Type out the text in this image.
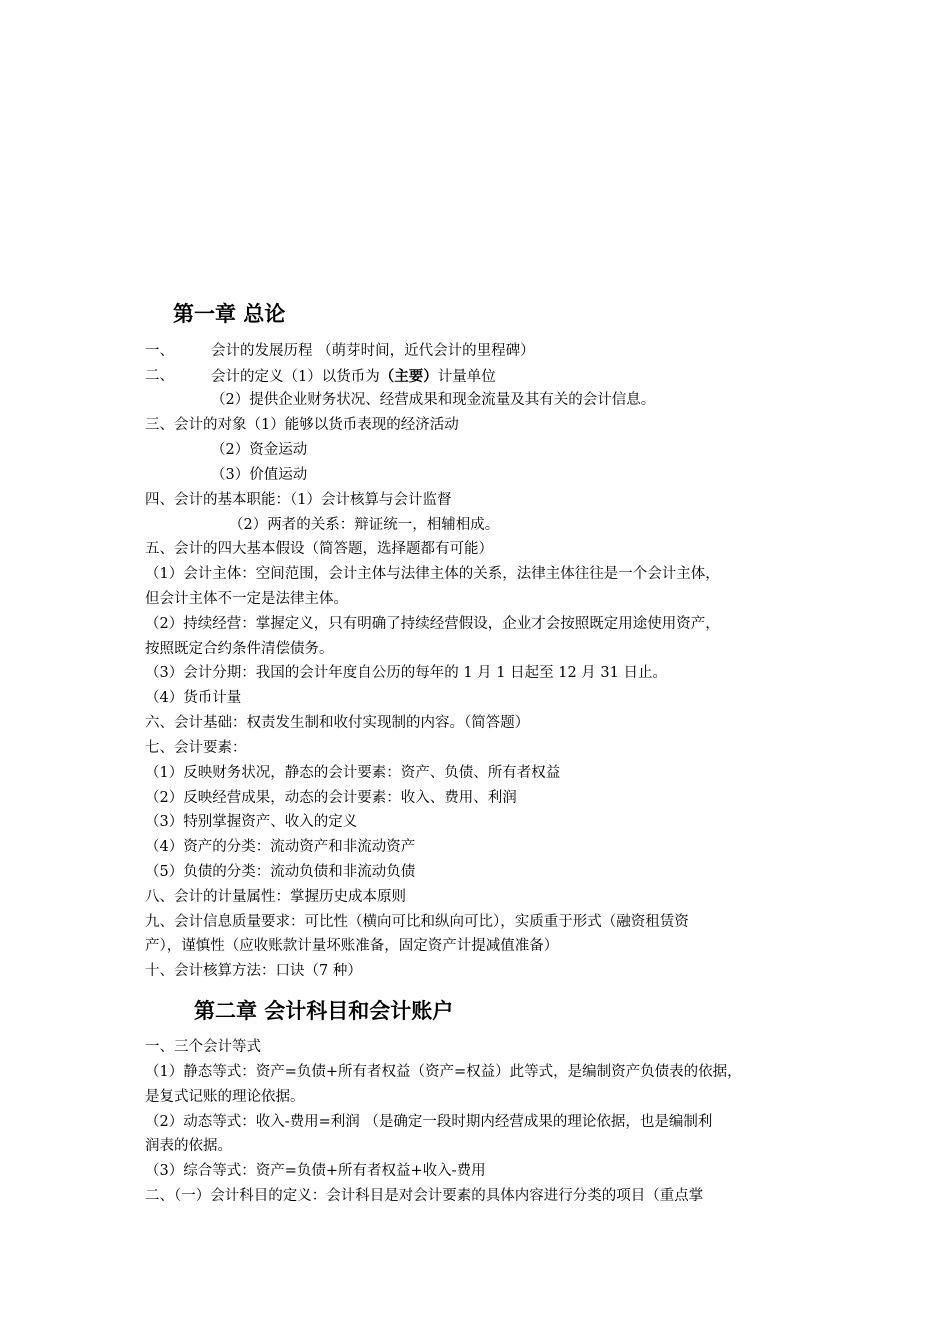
第一章 总论

一、	会计的发展历程 （萌芽时间，近代会计的里程碑）

二、	会计的定义（1）以货币为（主要）计量单位

（2）提供企业财务状况、经营成果和现金流量及其有关的会计信息。

三、会计的对象（1）能够以货币表现的经济活动

（2）资金运动

（3）价值运动

四、会计的基本职能：（1）会计核算与会计监督

（2）两者的关系：辩证统一，相辅相成。

五、会计的四大基本假设（简答题，选择题都有可能）

（1）会计主体：空间范围，会计主体与法律主体的关系，法律主体往往是一个会计主体，

但会计主体不一定是法律主体。

（2）持续经营：掌握定义，只有明确了持续经营假设，企业才会按照既定用途使用资产，

按照既定合约条件清偿债务。

（3）会计分期：我国的会计年度自公历的每年的 1 月 1 日起至 12 月 31 日止。

（4）货币计量

六、会计基础：权责发生制和收付实现制的内容。（简答题）

七、会计要素：

（1）反映财务状况，静态的会计要素：资产、负债、所有者权益

（2）反映经营成果，动态的会计要素：收入、费用、利润

（3）特别掌握资产、收入的定义

（4）资产的分类：流动资产和非流动资产

（5）负债的分类：流动负债和非流动负债

八、会计的计量属性：掌握历史成本原则

九、会计信息质量要求：可比性（横向可比和纵向可比），实质重于形式（融资租赁资

产），谨慎性（应收账款计量坏账准备，固定资产计提减值准备）

十、会计核算方法：口诀（7 种）

第二章 会计科目和会计账户

一、三个会计等式

（1）静态等式：资产=负债+所有者权益（资产=权益）此等式，是编制资产负债表的依据，

是复式记账的理论依据。

（2）动态等式：收入-费用=利润 （是确定一段时期内经营成果的理论依据，也是编制利

润表的依据。

（3）综合等式：资产=负债+所有者权益+收入-费用

二、（一）会计科目的定义：会计科目是对会计要素的具体内容进行分类的项目（重点掌
